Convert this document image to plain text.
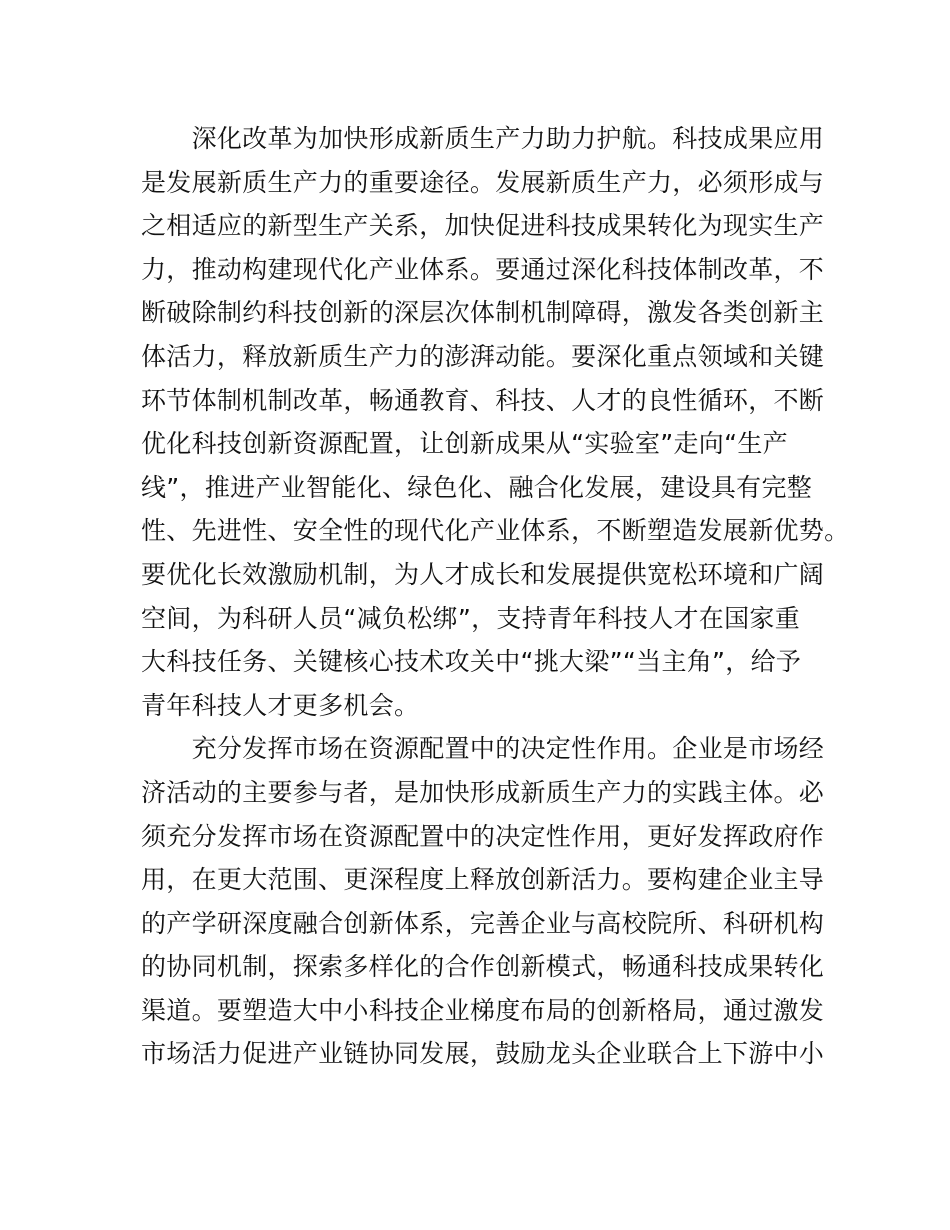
　　深化改革为加快形成新质生产力助力护航。科技成果应用
是发展新质生产力的重要途径。发展新质生产力，必须形成与
之相适应的新型生产关系，加快促进科技成果转化为现实生产
力，推动构建现代化产业体系。要通过深化科技体制改革，不
断破除制约科技创新的深层次体制机制障碍，激发各类创新主
体活力，释放新质生产力的澎湃动能。要深化重点领域和关键
环节体制机制改革，畅通教育、科技、人才的良性循环，不断
优化科技创新资源配置，让创新成果从“实验室”走向“生产
线”，推进产业智能化、绿色化、融合化发展，建设具有完整
性、先进性、安全性的现代化产业体系，不断塑造发展新优势。
要优化长效激励机制，为人才成长和发展提供宽松环境和广阔
空间，为科研人员“减负松绑”，支持青年科技人才在国家重
大科技任务、关键核心技术攻关中“挑大梁”“当主角”，给予
青年科技人才更多机会。
　　充分发挥市场在资源配置中的决定性作用。企业是市场经
济活动的主要参与者，是加快形成新质生产力的实践主体。必
须充分发挥市场在资源配置中的决定性作用，更好发挥政府作
用，在更大范围、更深程度上释放创新活力。要构建企业主导
的产学研深度融合创新体系，完善企业与高校院所、科研机构
的协同机制，探索多样化的合作创新模式，畅通科技成果转化
渠道。要塑造大中小科技企业梯度布局的创新格局，通过激发
市场活力促进产业链协同发展，鼓励龙头企业联合上下游中小
